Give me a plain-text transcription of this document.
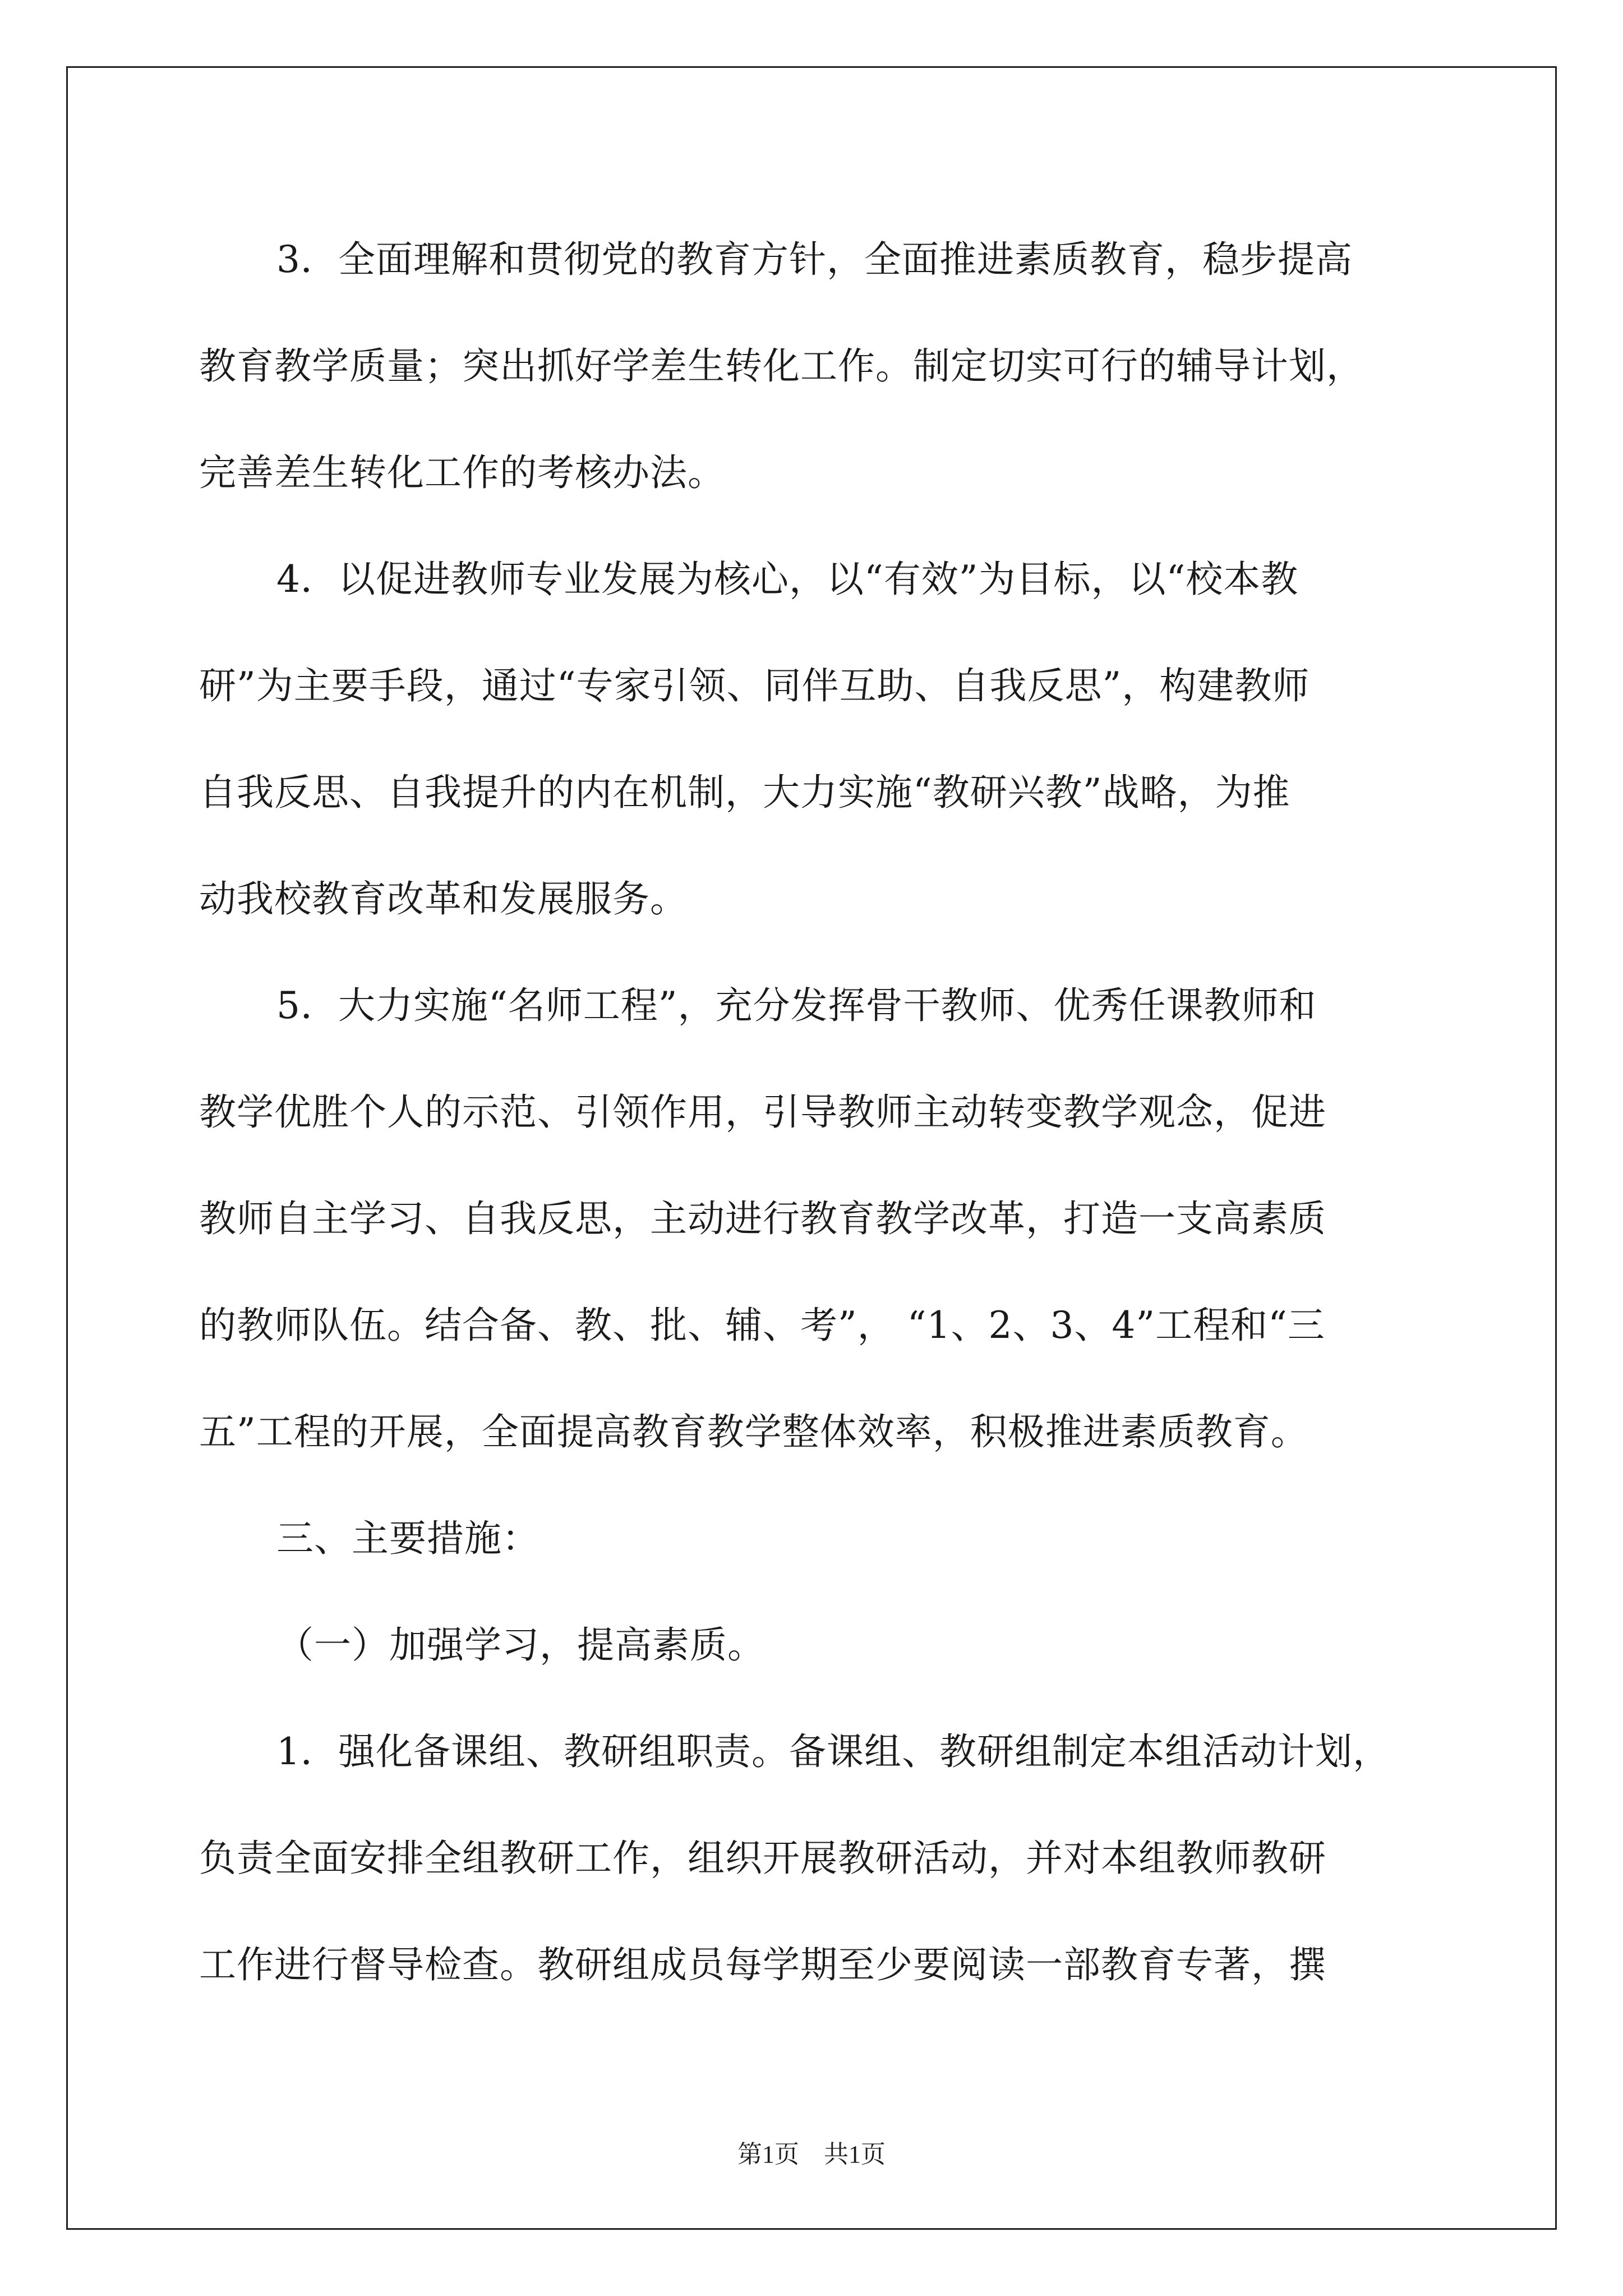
3．全面理解和贯彻党的教育方针，全面推进素质教育，稳步提高
教育教学质量；突出抓好学差生转化工作。制定切实可行的辅导计划，
完善差生转化工作的考核办法。
4．以促进教师专业发展为核心，以“有效”为目标，以“校本教
研”为主要手段，通过“专家引领、同伴互助、自我反思”，构建教师
自我反思、自我提升的内在机制，大力实施“教研兴教”战略，为推
动我校教育改革和发展服务。
5．大力实施“名师工程”，充分发挥骨干教师、优秀任课教师和
教学优胜个人的示范、引领作用，引导教师主动转变教学观念，促进
教师自主学习、自我反思，主动进行教育教学改革，打造一支高素质
的教师队伍。结合备、教、批、辅、考”， “1、2、3、4”工程和“三
五”工程的开展，全面提高教育教学整体效率，积极推进素质教育。
三、主要措施：
（一）加强学习，提高素质。
1．强化备课组、教研组职责。备课组、教研组制定本组活动计划，
负责全面安排全组教研工作，组织开展教研活动，并对本组教师教研
工作进行督导检查。教研组成员每学期至少要阅读一部教育专著，撰
第1页　共1页
